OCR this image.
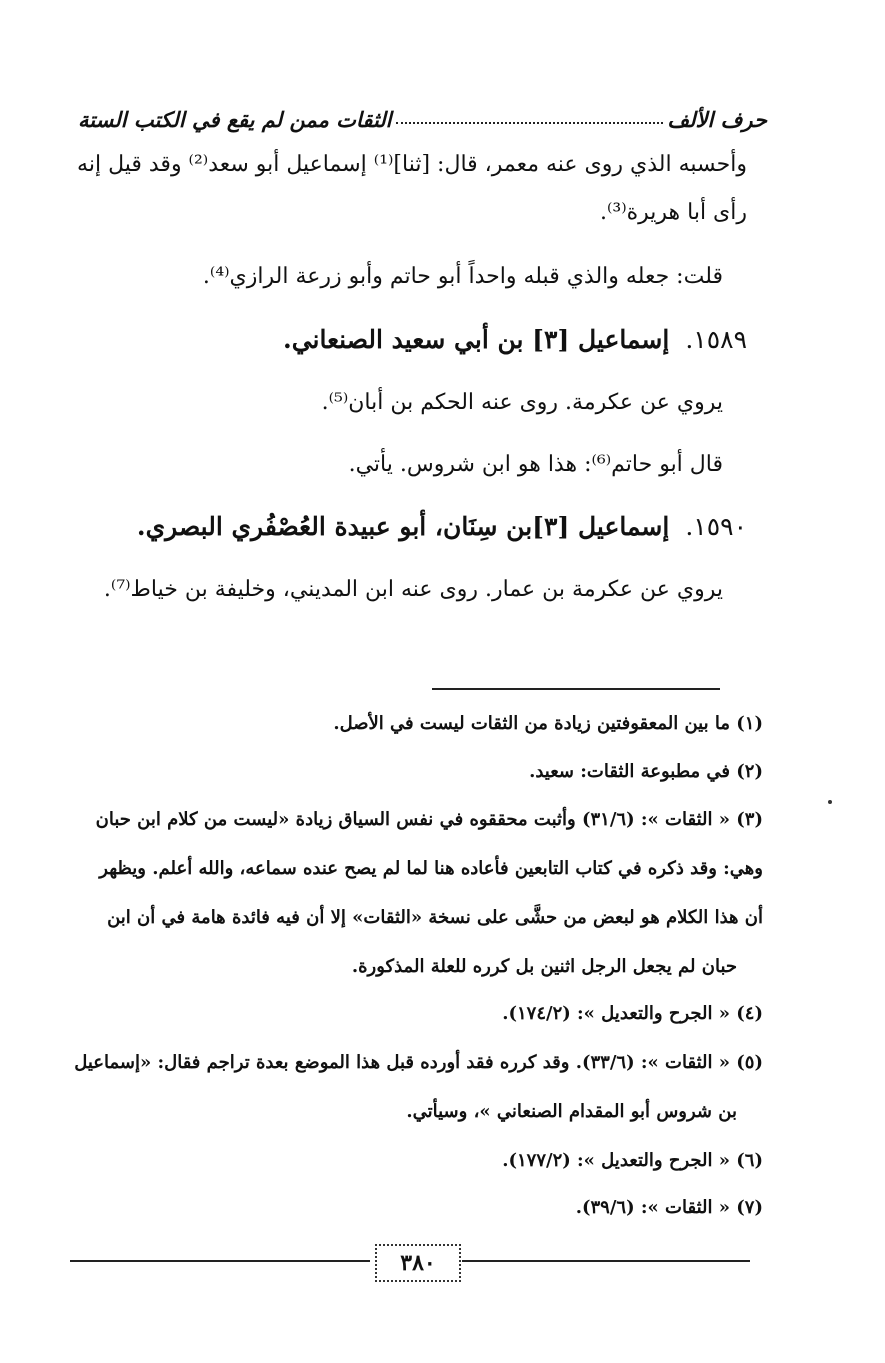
حرف الألف
الثقات ممن لم يقع في الكتب الستة
وأحسبه الذي روى عنه معمر، قال: [ثنا]⁽¹⁾ إسماعيل أبو سعد⁽²⁾ وقد قيل إنه
رأى أبا هريرة⁽³⁾.
قلت: جعله والذي قبله واحداً أبو حاتم وأبو زرعة الرازي⁽⁴⁾.
١٥٨٩.إسماعيل [٣] بن أبي سعيد الصنعاني.
يروي عن عكرمة. روى عنه الحكم بن أبان⁽⁵⁾.
قال أبو حاتم⁽⁶⁾: هذا هو ابن شروس. يأتي.
١٥٩٠.إسماعيل [٣]بن سِنَان، أبو عبيدة العُصْفُري البصري.
يروي عن عكرمة بن عمار. روى عنه ابن المديني، وخليفة بن خياط⁽⁷⁾.
(١) ما بين المعقوفتين زيادة من الثقات ليست في الأصل.
(٢) في مطبوعة الثقات: سعيد.
(٣) « الثقات »: (٣١/٦) وأثبت محققوه في نفس السياق زيادة «ليست من كلام ابن حبان
وهي: وقد ذكره في كتاب التابعين فأعاده هنا لما لم يصح عنده سماعه، والله أعلم. ويظهر
أن هذا الكلام هو لبعض من حشَّى على نسخة «الثقات» إلا أن فيه فائدة هامة في أن ابن
حبان لم يجعل الرجل اثنين بل كرره للعلة المذكورة.
(٤) « الجرح والتعديل »: (١٧٤/٢).
(٥) « الثقات »: (٣٣/٦). وقد كرره فقد أورده قبل هذا الموضع بعدة تراجم فقال: «إسماعيل
بن شروس أبو المقدام الصنعاني »، وسيأتي.
(٦) « الجرح والتعديل »: (١٧٧/٢).
(٧) « الثقات »: (٣٩/٦).
٣٨٠
